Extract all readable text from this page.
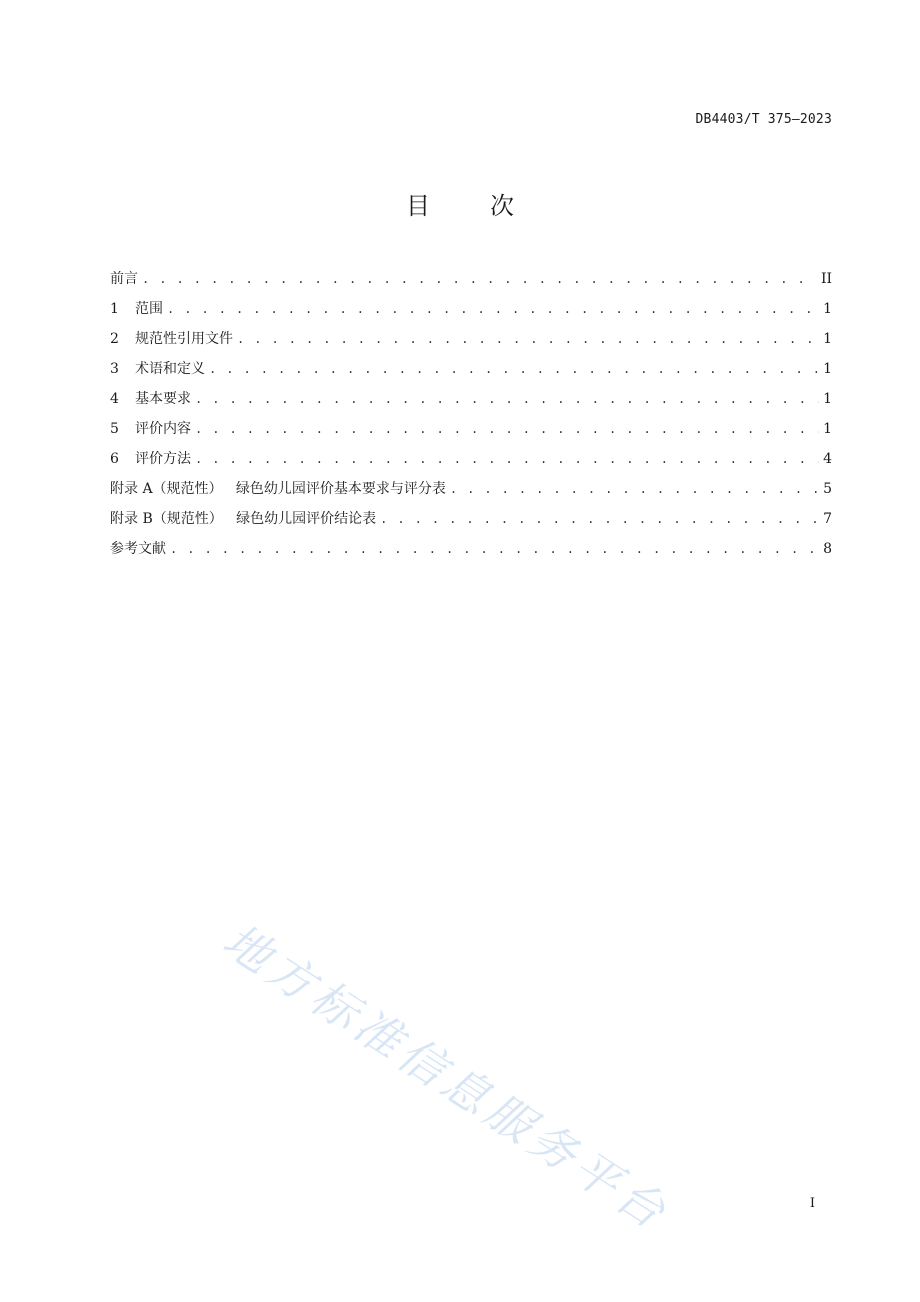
DB4403/T 375—2023
目	次
前言 . . .	II
1	范围 . . .	1
2	规范性引用文件 . . .	1
3	术语和定义 . . .	1
4	基本要求 . . .	1
5	评价内容 . . .	1
6	评价方法 . . .	4
附录 A（规范性）   绿色幼儿园评价基本要求与评分表 . . .	5
附录 B（规范性）   绿色幼儿园评价结论表 . . .	7
参考文献 . . .	8
地方标准信息服务平台	I
